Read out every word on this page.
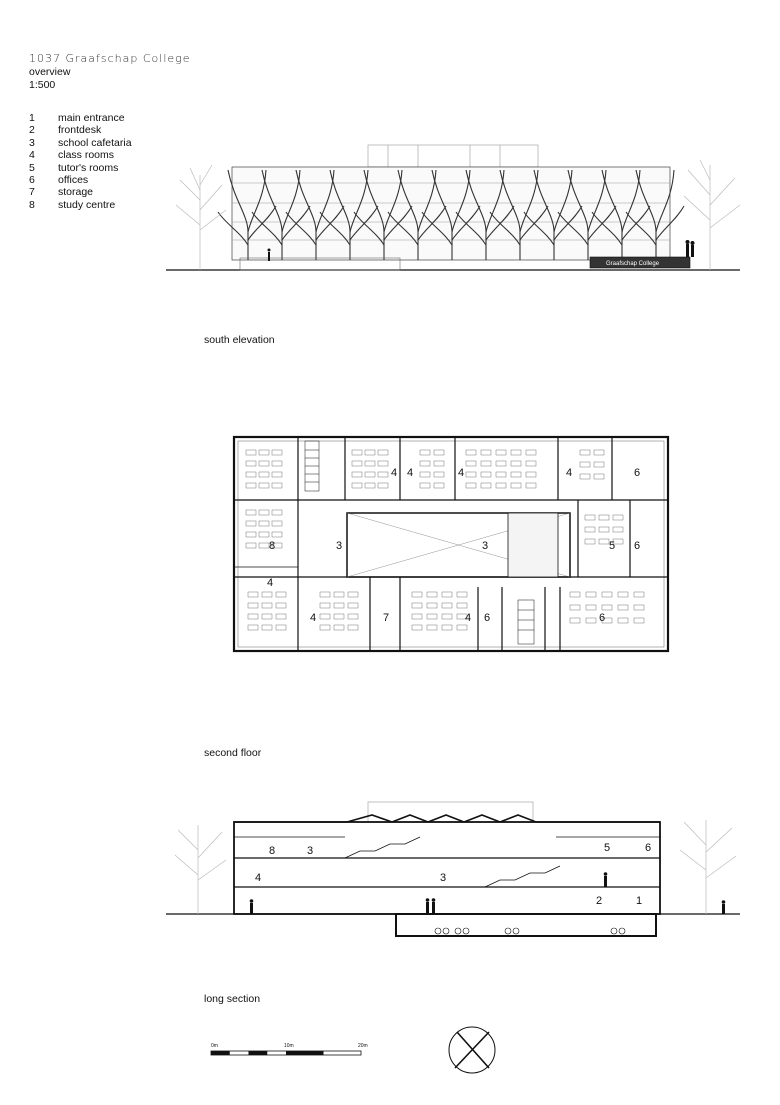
1037 Graafschap College
overview
1:500
1	main entrance
2	frontdesk
3	school cafetaria
4	class rooms
5	tutor's rooms
6	offices
7	storage
8	study centre
south elevation
second floor
long section
Graafschap College
4 4	4	4	6
8	3	3	5 6
4
4	7	4 6	6
8	3
4	3
5	6
2	1
0m	10m	20m
